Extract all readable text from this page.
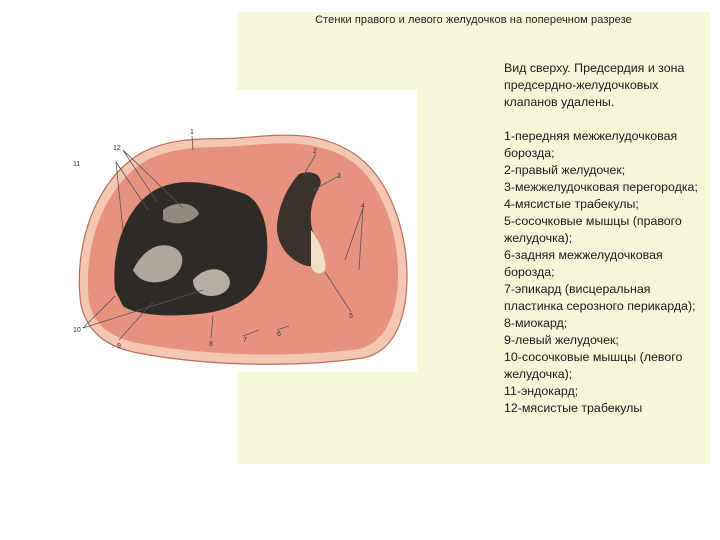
Стенки правого и левого желудочков на поперечном разрезе
1
2
3
4
5
6
7
8
9
10
11
12

Вид сверху. Предсердия и зона предсердно-желудочковых клапанов удалены.

1-передняя межжелудочковая борозда;
2-правый желудочек;
3-межжелудочковая перегородка;
4-мясистые трабекулы;
5-сосочковые мышцы (правого желудочка);
6-задняя межжелудочковая борозда;
7-эпикард (висцеральная пластинка серозного перикарда);
8-миокард;
9-левый желудочек;
10-сосочковые мышцы (левого желудочка);
11-эндокард;
12-мясистые трабекулы
